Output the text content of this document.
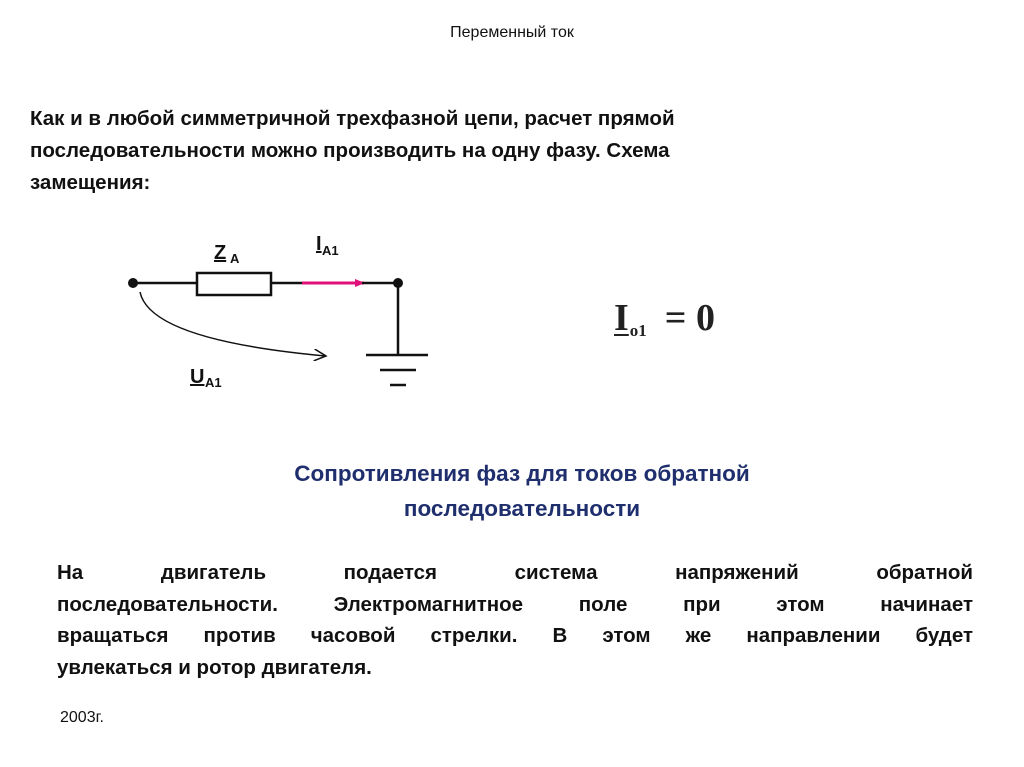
Переменный ток
Как и в любой симметричной трехфазной цепи, расчет прямой
последовательности можно производить на одну фазу. Схема
замещения:
Z A
I A1
U A1
$I_{o1} = 0$
Сопротивления фаз для токов обратной
последовательности
На двигатель подается система напряжений обратной
последовательности. Электромагнитное поле при этом начинает
вращаться против часовой стрелки. В этом же направлении будет
увлекаться и ротор двигателя.
2003г.
